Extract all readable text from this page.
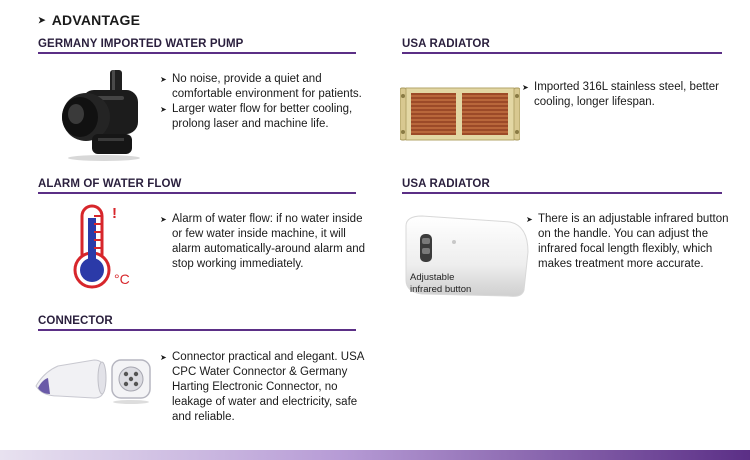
➤ ADVANTAGE
GERMANY IMPORTED WATER PUMP
➤ No noise, provide a quiet and comfortable environment for patients.
➤ Larger water flow for better cooling, prolong laser and machine life.
USA RADIATOR
➤ Imported 316L stainless steel, better cooling, longer lifespan.
ALARM OF WATER FLOW
!
°C
➤ Alarm of water flow: if no water inside or few water inside machine, it will alarm automatically-around alarm and stop working immediately.
USA RADIATOR
Adjustable
infrared button
➤ There is an adjustable infrared button on the handle. You can adjust the infrared focal length flexibly, which makes treatment more accurate.
CONNECTOR
➤ Connector practical and elegant. USA CPC Water Connector & Germany Harting Electronic Connector, no leakage of water and electricity, safe and reliable.
